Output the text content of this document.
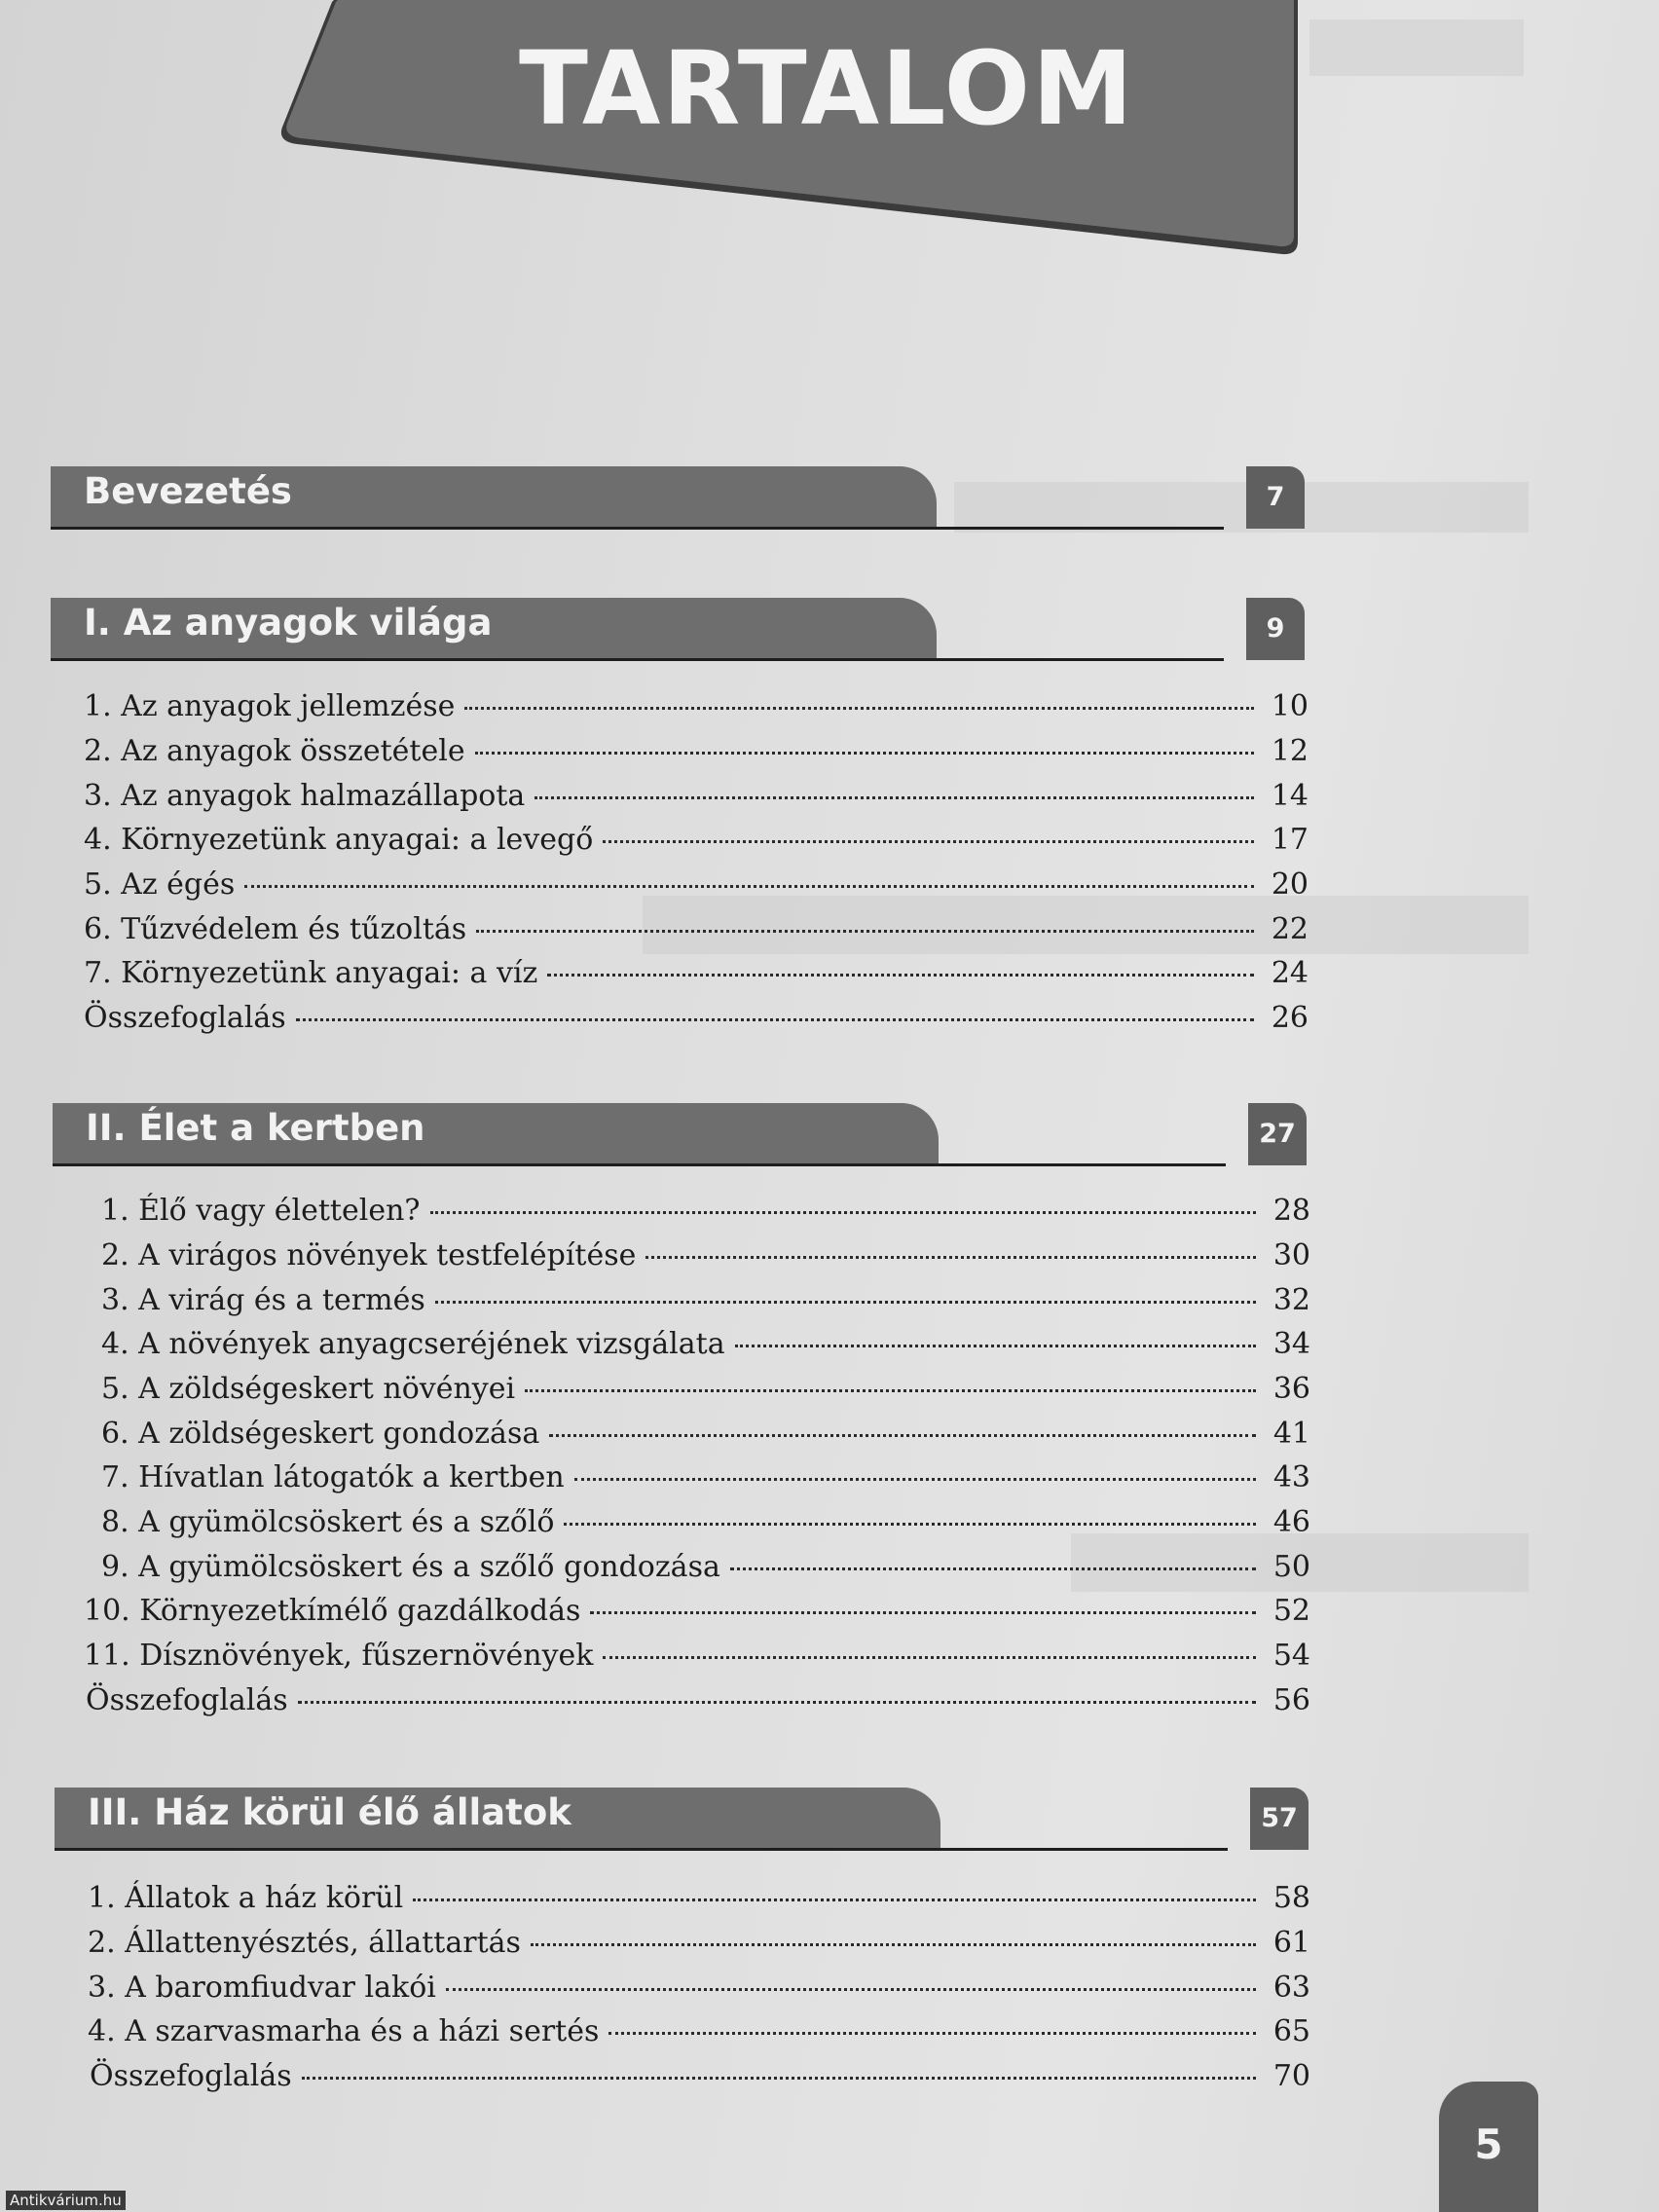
TARTALOM
Bevezetés	7
I. Az anyagok világa	9
1. Az anyagok jellemzése	10
2. Az anyagok összetétele	12
3. Az anyagok halmazállapota	14
4. Környezetünk anyagai: a levegő	17
5. Az égés	20
6. Tűzvédelem és tűzoltás	22
7. Környezetünk anyagai: a víz	24
Összefoglalás	26
II. Élet a kertben	27
1. Élő vagy élettelen?	28
2. A virágos növények testfelépítése	30
3. A virág és a termés	32
4. A növények anyagcseréjének vizsgálata	34
5. A zöldségeskert növényei	36
6. A zöldségeskert gondozása	41
7. Hívatlan látogatók a kertben	43
8. A gyümölcsöskert és a szőlő	46
9. A gyümölcsöskert és a szőlő gondozása	50
10. Környezetkímélő gazdálkodás	52
11. Dísznövények, fűszernövények	54
Összefoglalás	56
III. Ház körül élő állatok	57
1. Állatok a ház körül	58
2. Állattenyésztés, állattartás	61
3. A baromfiudvar lakói	63
4. A szarvasmarha és a házi sertés	65
Összefoglalás	70
5
Antikvárium.hu
